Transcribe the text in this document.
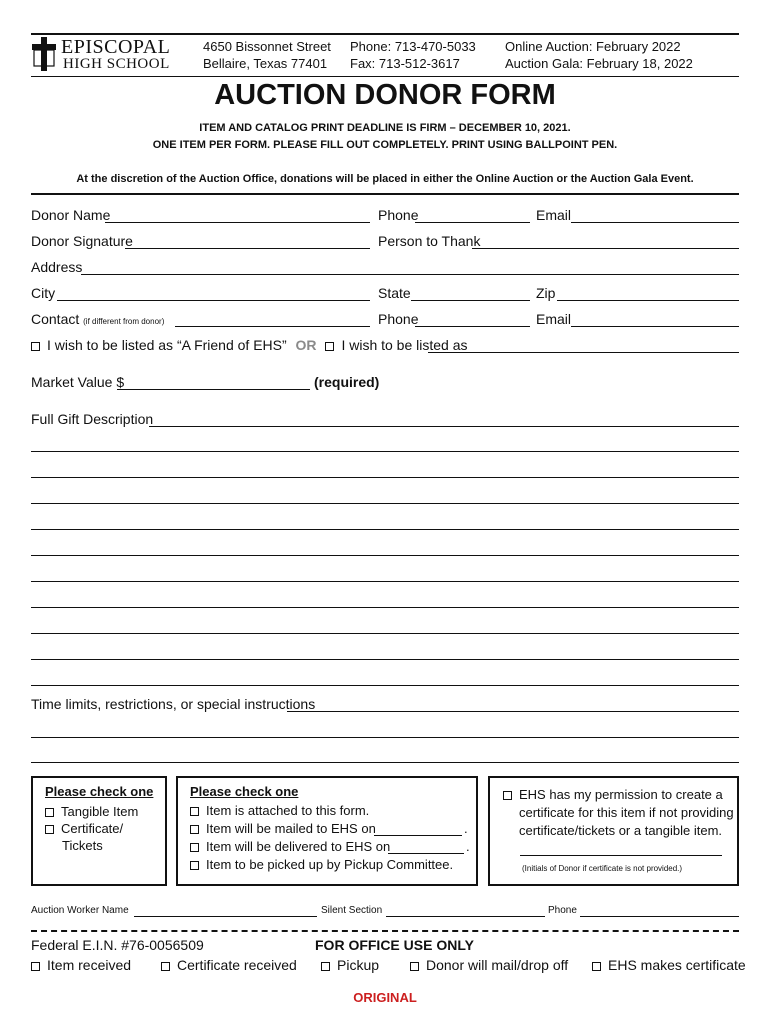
EPISCOPAL
HIGH SCHOOL
4650 Bissonnet Street
Bellaire, Texas 77401
Phone: 713-470-5033
Fax: 713-512-3617
Online Auction: February 2022
Auction Gala: February 18, 2022
AUCTION DONOR FORM
ITEM AND CATALOG PRINT DEADLINE IS FIRM – DECEMBER 10, 2021.
ONE ITEM PER FORM. PLEASE FILL OUT COMPLETELY. PRINT USING BALLPOINT PEN.
At the discretion of the Auction Office, donations will be placed in either the Online Auction or the Auction Gala Event.
Donor Name	Phone	Email
Donor Signature	Person to Thank
Address
City	State	Zip
Contact (if different from donor)	Phone	Email
I wish to be listed as “A Friend of EHS” OR I wish to be listed as
Market Value $	(required)
Full Gift Description
Time limits, restrictions, or special instructions
Please check one
Tangible Item
Certificate/
Tickets
Please check one
Item is attached to this form.
Item will be mailed to EHS on	.
Item will be delivered to EHS on	.
Item to be picked up by Pickup Committee.
EHS has my permission to create a
certificate for this item if not providing
certificate/tickets or a tangible item.
(Initials of Donor if certificate is not provided.)
Auction Worker Name	Silent Section	Phone
Federal E.I.N. #76-0056509	FOR OFFICE USE ONLY
Item received	Certificate received	Pickup	Donor will mail/drop off	EHS makes certificate
ORIGINAL
